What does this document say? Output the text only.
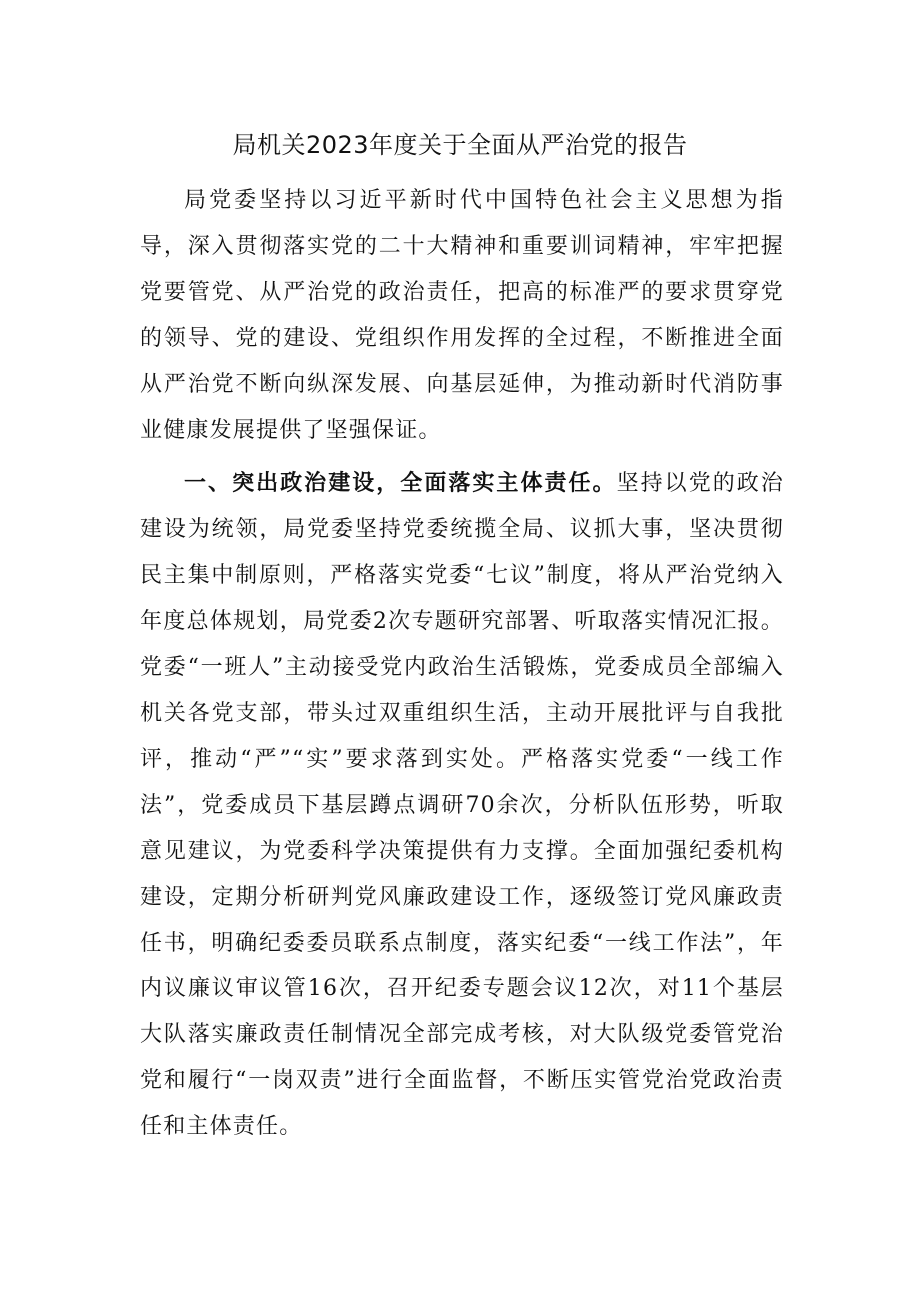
局机关2023年度关于全面从严治党的报告

局党委坚持以习近平新时代中国特色社会主义思想为指导，深入贯彻落实党的二十大精神和重要训词精神，牢牢把握党要管党、从严治党的政治责任，把高的标准严的要求贯穿党的领导、党的建设、党组织作用发挥的全过程，不断推进全面从严治党不断向纵深发展、向基层延伸，为推动新时代消防事业健康发展提供了坚强保证。

一、突出政治建设，全面落实主体责任。坚持以党的政治建设为统领，局党委坚持党委统揽全局、议抓大事，坚决贯彻民主集中制原则，严格落实党委“七议”制度，将从严治党纳入年度总体规划，局党委2次专题研究部署、听取落实情况汇报。党委“一班人”主动接受党内政治生活锻炼，党委成员全部编入机关各党支部，带头过双重组织生活，主动开展批评与自我批评，推动“严”“实”要求落到实处。严格落实党委“一线工作法”，党委成员下基层蹲点调研70余次，分析队伍形势，听取意见建议，为党委科学决策提供有力支撑。全面加强纪委机构建设，定期分析研判党风廉政建设工作，逐级签订党风廉政责任书，明确纪委委员联系点制度，落实纪委“一线工作法”，年内议廉议审议管16次，召开纪委专题会议12次，对11个基层大队落实廉政责任制情况全部完成考核，对大队级党委管党治党和履行“一岗双责”进行全面监督，不断压实管党治党政治责任和主体责任。
